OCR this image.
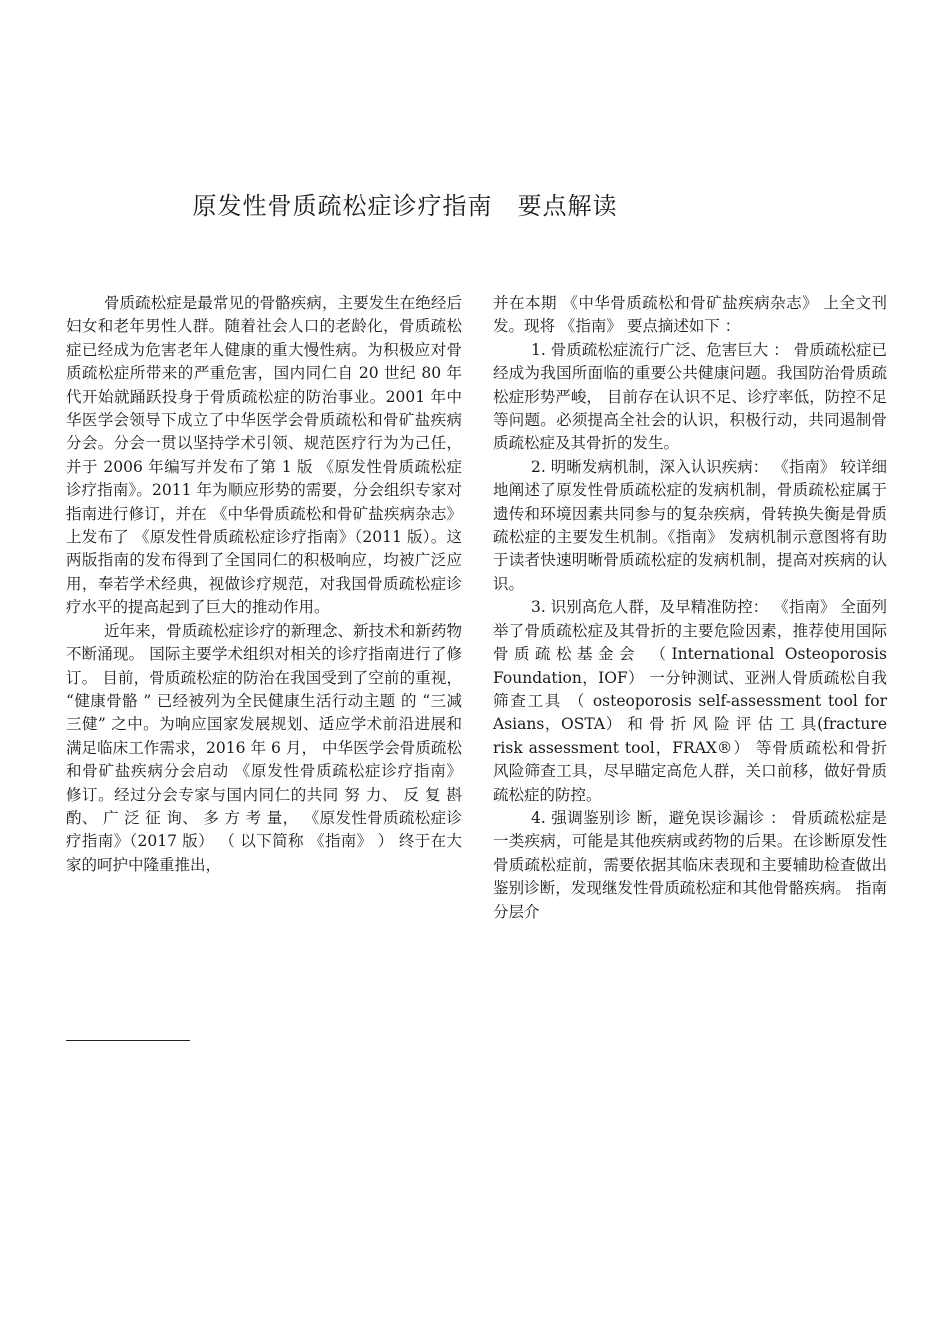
原发性骨质疏松症诊疗指南　要点解读

骨质疏松症是最常见的骨骼疾病，主要发生在绝经后妇女和老年男性人群。随着社会人口的老龄化，骨质疏松症已经成为危害老年人健康的重大慢性病。为积极应对骨质疏松症所带来的严重危害，国内同仁自 20 世纪 80 年代开始就踊跃投身于骨质疏松症的防治事业。2001 年中华医学会领导下成立了中华医学会骨质疏松和骨矿盐疾病分会。分会一贯以坚持学术引领、规范医疗行为为己任，并于 2006 年编写并发布了第 1 版 《原发性骨质疏松症诊疗指南》。2011 年为顺应形势的需要，分会组织专家对指南进行修订，并在 《中华骨质疏松和骨矿盐疾病杂志》 上发布了 《原发性骨质疏松症诊疗指南》（2011 版）。这两版指南的发布得到了全国同仁的积极响应，均被广泛应用，奉若学术经典，视做诊疗规范，对我国骨质疏松症诊疗水平的提高起到了巨大的推动作用。

近年来，骨质疏松症诊疗的新理念、新技术和新药物不断涌现。 国际主要学术组织对相关的诊疗指南进行了修订。 目前，骨质疏松症的防治在我国受到了空前的重视， “健康骨骼 ” 已经被列为全民健康生活行动主题 的 “三减三健” 之中。为响应国家发展规划、适应学术前沿进展和满足临床工作需求，2016 年 6 月， 中华医学会骨质疏松和骨矿盐疾病分会启动 《原发性骨质疏松症诊疗指南》 修订。经过分会专家与国内同仁的共同 努 力、 反 复 斟 酌、 广 泛 征 询、 多 方 考 量， 《原发性骨质疏松症诊疗指南》（2017 版） （ 以下简称 《指南》 ） 终于在大家的呵护中隆重推出，

并在本期 《中华骨质疏松和骨矿盐疾病杂志》 上全文刊发。现将 《指南》 要点摘述如下 ：

1. 骨质疏松症流行广泛、危害巨大 ： 骨质疏松症已经成为我国所面临的重要公共健康问题。我国防治骨质疏松症形势严峻， 目前存在认识不足、诊疗率低，防控不足等问题。必须提高全社会的认识，积极行动，共同遏制骨质疏松症及其骨折的发生。

2. 明晰发病机制，深入认识疾病： 《指南》 较详细地阐述了原发性骨质疏松症的发病机制，骨质疏松症属于遗传和环境因素共同参与的复杂疾病，骨转换失衡是骨质疏松症的主要发生机制。《指南》 发病机制示意图将有助于读者快速明晰骨质疏松症的发病机制，提高对疾病的认识。

3. 识别高危人群，及早精准防控： 《指南》 全面列举了骨质疏松症及其骨折的主要危险因素，推荐使用国际骨质疏松基金会 （International Osteoporosis Foundation，IOF） 一分钟测试、亚洲人骨质疏松自我筛查工具 （ osteoporosis self-assessment tool for Asians，OSTA） 和 骨 折 风 险 评 估 工 具(fracture risk assessment tool，FRAX®） 等骨质疏松和骨折风险筛查工具，尽早瞄定高危人群，关口前移，做好骨质疏松症的防控。

4. 强调鉴别诊 断，避免误诊漏诊 ： 骨质疏松症是一类疾病，可能是其他疾病或药物的后果。在诊断原发性骨质疏松症前，需要依据其临床表现和主要辅助检查做出鉴别诊断，发现继发性骨质疏松症和其他骨骼疾病。 指南分层介
